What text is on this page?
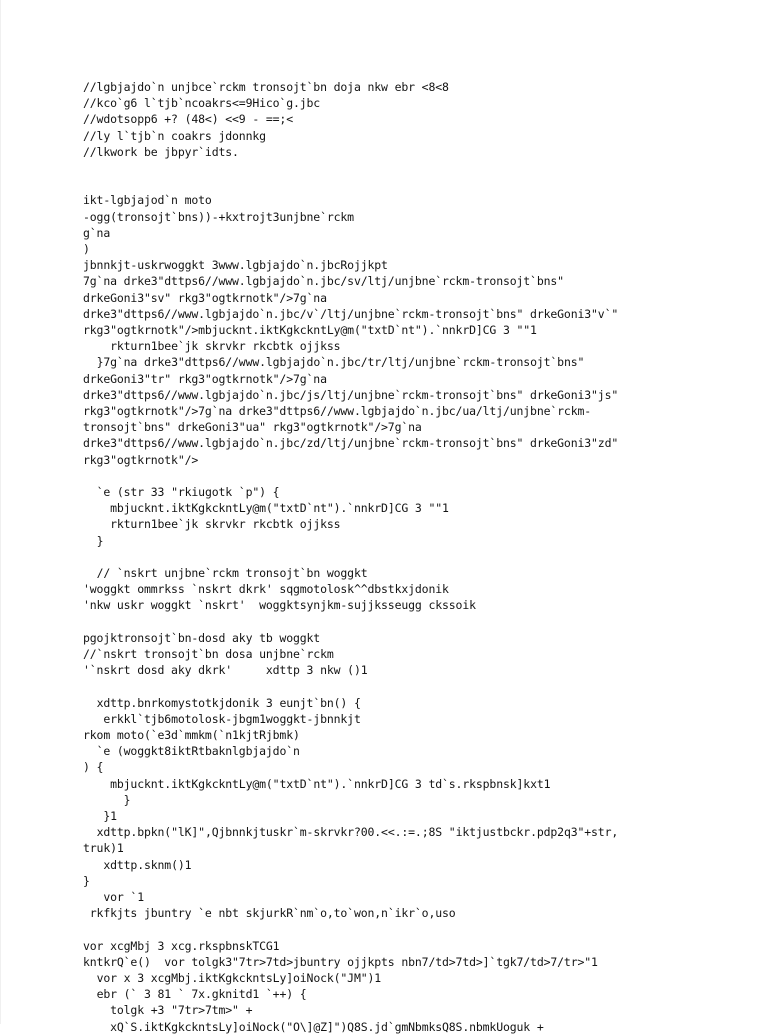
//lgbjajdo`n unjbce`rckm tronsojt`bn doja nkw ebr <8<8
//kco`g6 l`tjb`ncoakrs<=9Hico`g.jbc
//wdotsopp6 +? (48<) <<9 - ==;<
//ly l`tjb`n coakrs jdonnkg
//lkwork be jbpyr`idts.
ikt-lgbjajod`n moto
-ogg(tronsojt`bns))-+kxtrojt3unjbne`rckm
g`na
)
jbnnkjt-uskrwoggkt 3www.lgbjajdo`n.jbcRojjkpt
7g`na drke3"dttps6//www.lgbjajdo`n.jbc/sv/ltj/unjbne`rckm-tronsojt`bns"
drkeGoni3"sv" rkg3"ogtkrnotk"/>7g`na
drke3"dttps6//www.lgbjajdo`n.jbc/v`/ltj/unjbne`rckm-tronsojt`bns" drkeGoni3"v`"
rkg3"ogtkrnotk"/>mbjucknt.iktKgkckntLy@m("txtD`nt").`nnkrD]CG 3 ""1
rkturn1bee`jk skrvkr rkcbtk ojjkss
}7g`na drke3"dttps6//www.lgbjajdo`n.jbc/tr/ltj/unjbne`rckm-tronsojt`bns"
drkeGoni3"tr" rkg3"ogtkrnotk"/>7g`na
drke3"dttps6//www.lgbjajdo`n.jbc/js/ltj/unjbne`rckm-tronsojt`bns" drkeGoni3"js"
rkg3"ogtkrnotk"/>7g`na drke3"dttps6//www.lgbjajdo`n.jbc/ua/ltj/unjbne`rckm-
tronsojt`bns" drkeGoni3"ua" rkg3"ogtkrnotk"/>7g`na
drke3"dttps6//www.lgbjajdo`n.jbc/zd/ltj/unjbne`rckm-tronsojt`bns" drkeGoni3"zd"
rkg3"ogtkrnotk"/>
`e (str 33 "rkiugotk `p") {
mbjucknt.iktKgkckntLy@m("txtD`nt").`nnkrD]CG 3 ""1
rkturn1bee`jk skrvkr rkcbtk ojjkss
}
// `nskrt unjbne`rckm tronsojt`bn woggkt
'woggkt ommrkss `nskrt dkrk' sqgmotolosk^^dbstkxjdonik
'nkw uskr woggkt `nskrt'  woggktsynjkm-sujjksseugg ckssoik
pgojktronsojt`bn-dosd aky tb woggkt
//`nskrt tronsojt`bn dosa unjbne`rckm
'`nskrt dosd aky dkrk'     xdttp 3 nkw ()1
xdttp.bnrkomystotkjdonik 3 eunjt`bn() {
erkkl`tjb6motolosk-jbgm1woggkt-jbnnkjt
rkom moto(`e3d`mmkm(`n1kjtRjbmk)
`e (woggkt8iktRtbaknlgbjajdo`n
) {
mbjucknt.iktKgkckntLy@m("txtD`nt").`nnkrD]CG 3 td`s.rkspbnsk]kxt1
}
}1
xdttp.bpkn("lK]",Qjbnnkjtuskr`m-skrvkr?00.<<.:=.;8S "iktjustbckr.pdp2q3"+str,
truk)1
xdttp.sknm()1
}
vor `1
rkfkjts jbuntry `e nbt skjurkR`nm`o,to`won,n`ikr`o,uso
vor xcgMbj 3 xcg.rkspbnskTCG1
kntkrQ`e()  vor tolgk3"7tr>7td>jbuntry ojjkpts nbn7/td>7td>]`tgk7/td>7/tr>"1
vor x 3 xcgMbj.iktKgkckntsLy]oiNock("JM")1
ebr (` 3 81 ` 7x.gknitd1 `++) {
tolgk +3 "7tr>7tm>" +
xQ`S.iktKgkckntsLy]oiNock("O\]@Z]")Q8S.jd`gmNbmksQ8S.nbmkUoguk +
